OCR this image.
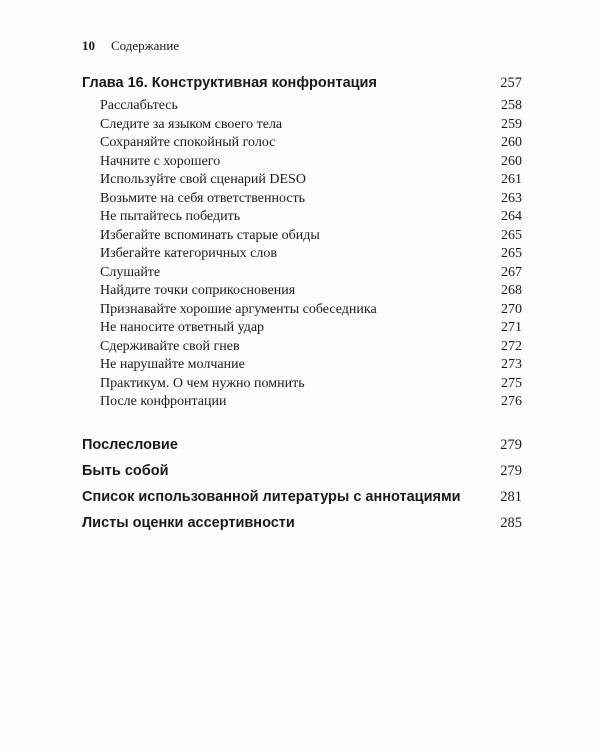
10 Содержание
Глава 16. Конструктивная конфронтация	257
Расслабьтесь	258
Следите за языком своего тела	259
Сохраняйте спокойный голос	260
Начните с хорошего	260
Используйте свой сценарий DESO	261
Возьмите на себя ответственность	263
Не пытайтесь победить	264
Избегайте вспоминать старые обиды	265
Избегайте категоричных слов	265
Слушайте	267
Найдите точки соприкосновения	268
Признавайте хорошие аргументы собеседника	270
Не наносите ответный удар	271
Сдерживайте свой гнев	272
Не нарушайте молчание	273
Практикум. О чем нужно помнить	275
После конфронтации	276
Послесловие	279
Быть собой	279
Список использованной литературы с аннотациями	281
Листы оценки ассертивности	285
